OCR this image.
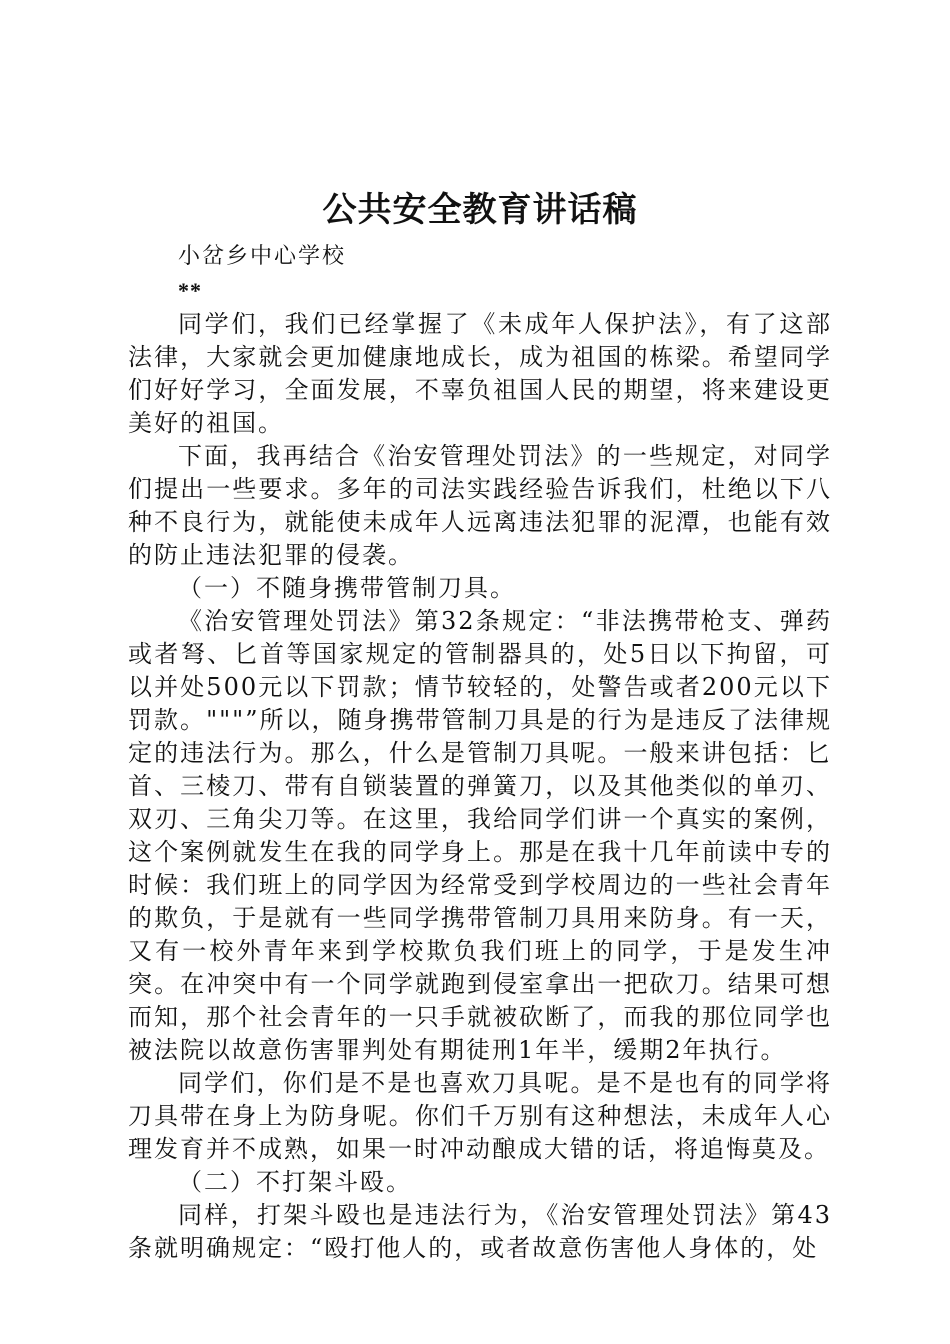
公共安全教育讲话稿

小岔乡中心学校

**

同学们，我们已经掌握了《未成年人保护法》，有了这部法律，大家就会更加健康地成长，成为祖国的栋梁。希望同学们好好学习，全面发展，不辜负祖国人民的期望，将来建设更美好的祖国。

下面，我再结合《治安管理处罚法》的一些规定，对同学们提出一些要求。多年的司法实践经验告诉我们，杜绝以下八种不良行为，就能使未成年人远离违法犯罪的泥潭，也能有效的防止违法犯罪的侵袭。

（一）不随身携带管制刀具。

《治安管理处罚法》第32条规定：“非法携带枪支、弹药或者弩、匕首等国家规定的管制器具的，处5日以下拘留，可以并处500元以下罚款；情节较轻的，处警告或者200元以下罚款。"""”所以，随身携带管制刀具是的行为是违反了法律规定的违法行为。那么，什么是管制刀具呢。一般来讲包括：匕首、三棱刀、带有自锁装置的弹簧刀，以及其他类似的单刃、双刃、三角尖刀等。在这里，我给同学们讲一个真实的案例，这个案例就发生在我的同学身上。那是在我十几年前读中专的时候：我们班上的同学因为经常受到学校周边的一些社会青年的欺负，于是就有一些同学携带管制刀具用来防身。有一天，又有一校外青年来到学校欺负我们班上的同学，于是发生冲突。在冲突中有一个同学就跑到侵室拿出一把砍刀。结果可想而知，那个社会青年的一只手就被砍断了，而我的那位同学也被法院以故意伤害罪判处有期徒刑1年半，缓期2年执行。

同学们，你们是不是也喜欢刀具呢。是不是也有的同学将刀具带在身上为防身呢。你们千万别有这种想法，未成年人心理发育并不成熟，如果一时冲动酿成大错的话，将追悔莫及。

（二）不打架斗殴。

同样，打架斗殴也是违法行为，《治安管理处罚法》第43条就明确规定：“殴打他人的，或者故意伤害他人身体的，处
